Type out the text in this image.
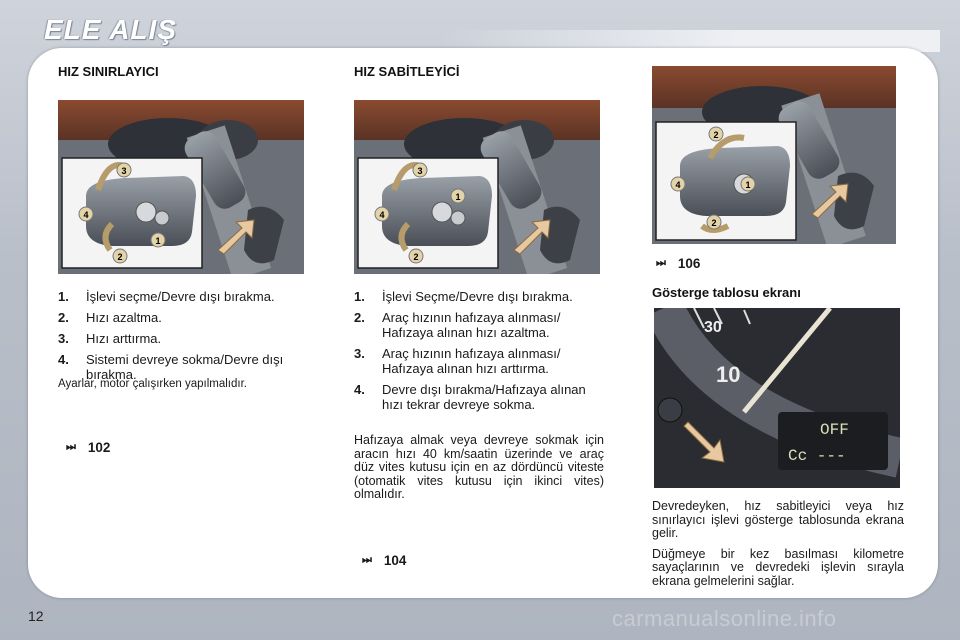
ELE ALIŞ
HIZ SINIRLAYICI
3
4
1
2
1.	İşlevi seçme/Devre dışı bırakma.
2.	Hızı azaltma.
3.	Hızı arttırma.
4.	Sistemi devreye sokma/Devre dışı bırakma.
Ayarlar, motor çalışırken yapılmalıdır.
⏭ 102
HIZ SABİTLEYİCİ
3
1
4
2
1.	İşlevi Seçme/Devre dışı bırakma.
2.	Araç hızının hafızaya alınması/ Hafızaya alınan hızı azaltma.
3.	Araç hızının hafızaya alınması/ Hafızaya alınan hızı arttırma.
4.	Devre dışı bırakma/Hafızaya alınan hızı tekrar devreye sokma.

Hafızaya almak veya devreye sokmak için aracın hızı 40 km/saatin üzerinde ve araç düz vites kutusu için en az dördüncü viteste (otomatik vites kutusu için ikinci vites) olmalıdır.

⏭ 104
2
4	1
2
⏭ 106
Gösterge tablosu ekranı
30
10
OFF
Cc ---

Devredeyken, hız sabitleyici veya hız sınırlayıcı işlevi gösterge tablosunda ekrana gelir.

Düğmeye bir kez basılması kilometre sayaçlarının ve devredeki işlevin sırayla ekrana gelmelerini sağlar.

12	carmanualsonline.info
